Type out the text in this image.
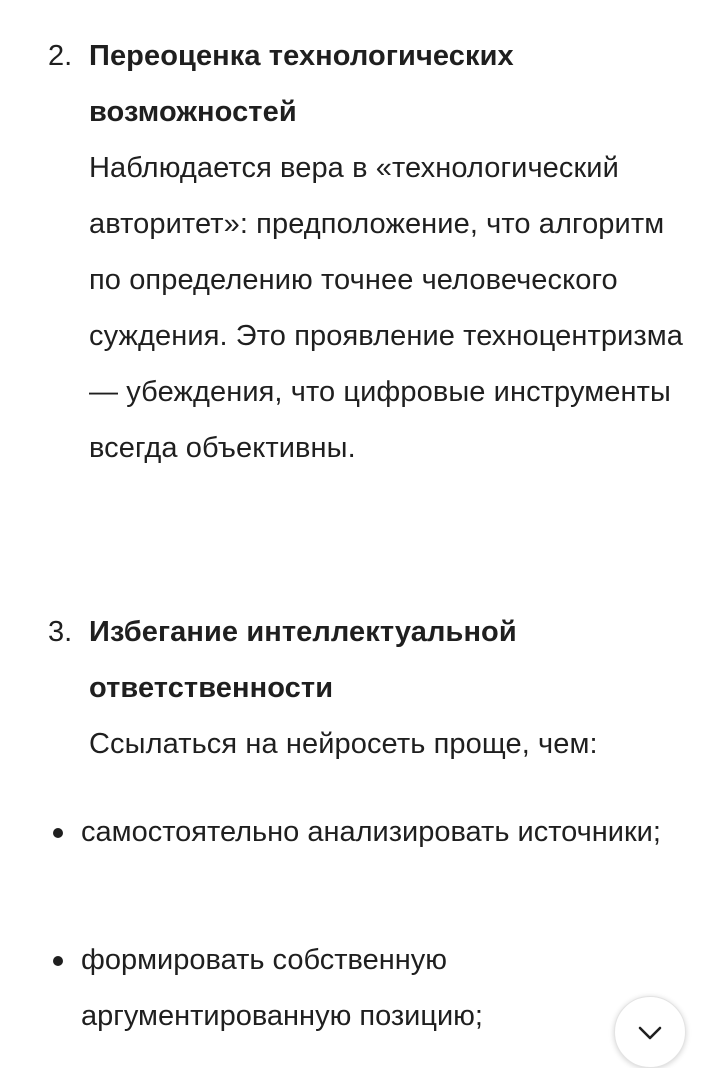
2. Переоценка технологических возможностей
Наблюдается вера в «технологический авторитет»: предположение, что алгоритм по определению точнее человеческого суждения. Это проявление техноцентризма — убеждения, что цифровые инструменты всегда объективны.
3. Избегание интеллектуальной ответственности
Ссылаться на нейросеть проще, чем:
самостоятельно анализировать источники;
формировать собственную аргументированную позицию;
